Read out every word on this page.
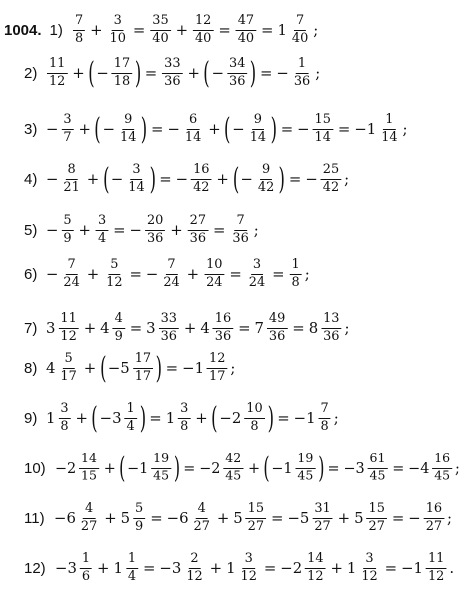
1004. $1) \frac{7}{8} + \frac{3}{10} = \frac{35}{40} + \frac{12}{40} = \frac{47}{40} = 1 \frac{7}{40}$ ;
$2) \frac{11}{12}$ + ( − $\frac{17}{18}$ ) = $\frac{33}{36}$ + ( − $\frac{34}{36}$ ) = − $\frac{1}{36}$ ;
$3) - \frac{3}{7}$ + ( − $\frac{9}{14}$ ) = − $\frac{6}{14}$ + ( − $\frac{9}{14}$ ) = − $\frac{15}{14} = -1 \frac{1}{14}$ ;
$4) - \frac{8}{21}$ + ( − $\frac{3}{14}$ ) = − $\frac{16}{42}$ + ( − $\frac{9}{42}$ ) = − $\frac{25}{42}$ ;
$5) - \frac{5}{9} + \frac{3}{4}$ = − $\frac{20}{36} + \frac{27}{36} = \frac{7}{36}$ ;
$6) - \frac{7}{24} + \frac{5}{12}$ = − $\frac{7}{24} + \frac{10}{24} = \frac{3}{24} = \frac{1}{8}$ ;
7) $3 \frac{11}{12} + 4 \frac{4}{9} = 3 \frac{33}{36} + 4 \frac{16}{36} = 7 \frac{49}{36} = 8 \frac{13}{36}$ ;
8) $4 \frac{5}{17}$ + ( $-5 \frac{17}{17}$ ) = $-1 \frac{12}{17}$ ;
9) $1 \frac{3}{8}$ + ( $-3 \frac{1}{4}$ ) = $1 \frac{3}{8}$ + ( $-2 \frac{10}{8}$ ) = $-1 \frac{7}{8}$ ;
$10) -2 \frac{14}{15}$ + ( $-1 \frac{19}{45}$ ) = $-2 \frac{42}{45}$ + ( $-1 \frac{19}{45}$ ) = $-3 \frac{61}{45} = -4 \frac{16}{45}$ ;
$11) -6 \frac{4}{27} + 5 \frac{5}{9} = -6 \frac{4}{27} + 5 \frac{15}{27} = -5 \frac{31}{27} + 5 \frac{15}{27}$ = − $\frac{16}{27}$ ;
$12) -3 \frac{1}{6} + 1 \frac{1}{4} = -3 \frac{2}{12} + 1 \frac{3}{12} = -2 \frac{14}{12} + 1 \frac{3}{12} = -1 \frac{11}{12}$ .
